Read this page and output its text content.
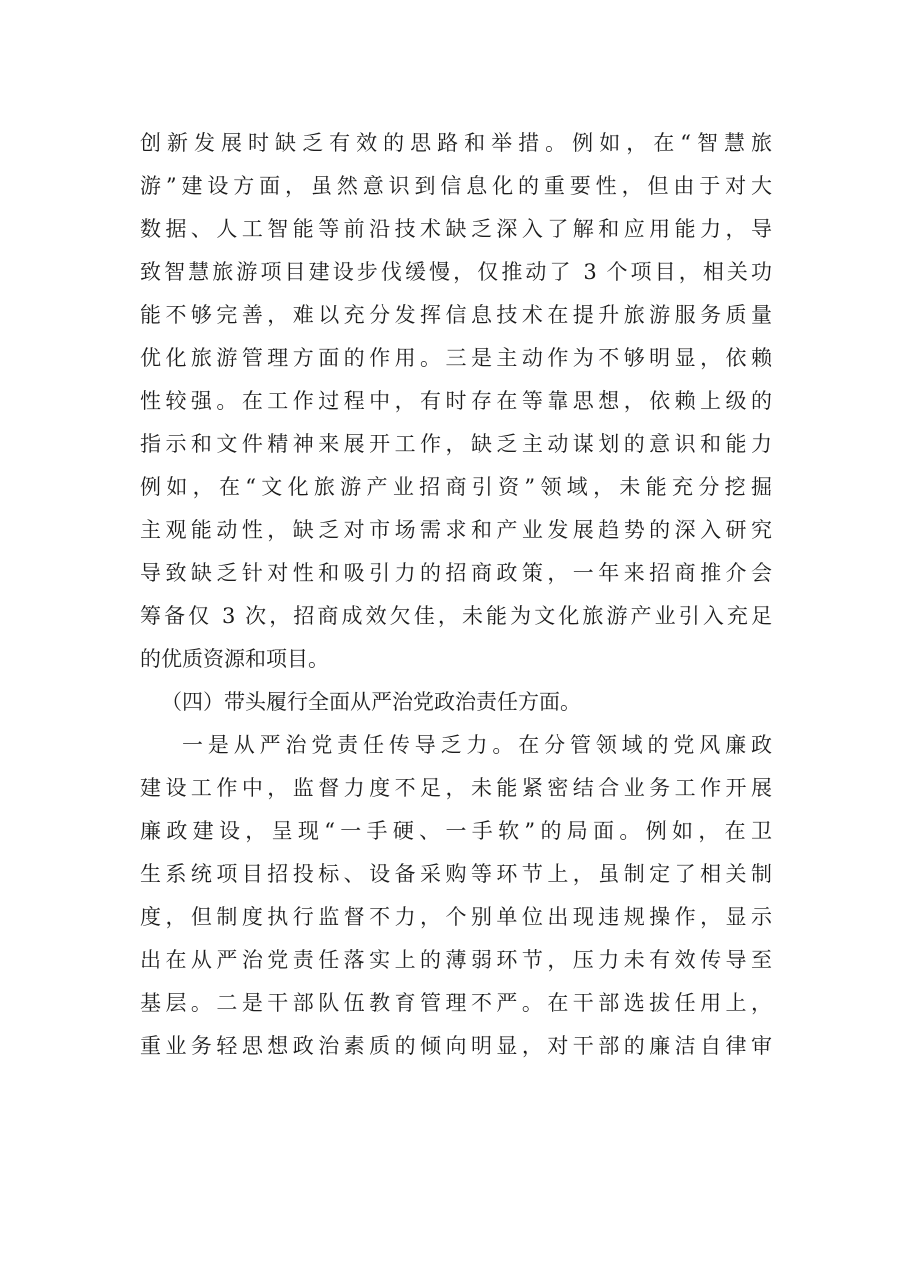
创新发展时缺乏有效的思路和举措。例如，在“智慧旅
游”建设方面，虽然意识到信息化的重要性，但由于对大
数据、人工智能等前沿技术缺乏深入了解和应用能力，导
致智慧旅游项目建设步伐缓慢，仅推动了 3 个项目，相关功
能不够完善，难以充分发挥信息技术在提升旅游服务质量
优化旅游管理方面的作用。三是主动作为不够明显，依赖
性较强。在工作过程中，有时存在等靠思想，依赖上级的
指示和文件精神来展开工作，缺乏主动谋划的意识和能力
例如，在“文化旅游产业招商引资”领域，未能充分挖掘
主观能动性，缺乏对市场需求和产业发展趋势的深入研究
导致缺乏针对性和吸引力的招商政策，一年来招商推介会
筹备仅 3 次，招商成效欠佳，未能为文化旅游产业引入充足
的优质资源和项目。
（四）带头履行全面从严治党政治责任方面。
一是从严治党责任传导乏力。在分管领域的党风廉政
建设工作中，监督力度不足，未能紧密结合业务工作开展
廉政建设，呈现“一手硬、一手软”的局面。例如，在卫
生系统项目招投标、设备采购等环节上，虽制定了相关制
度，但制度执行监督不力，个别单位出现违规操作，显示
出在从严治党责任落实上的薄弱环节，压力未有效传导至
基层。二是干部队伍教育管理不严。在干部选拔任用上，
重业务轻思想政治素质的倾向明显，对干部的廉洁自律审
